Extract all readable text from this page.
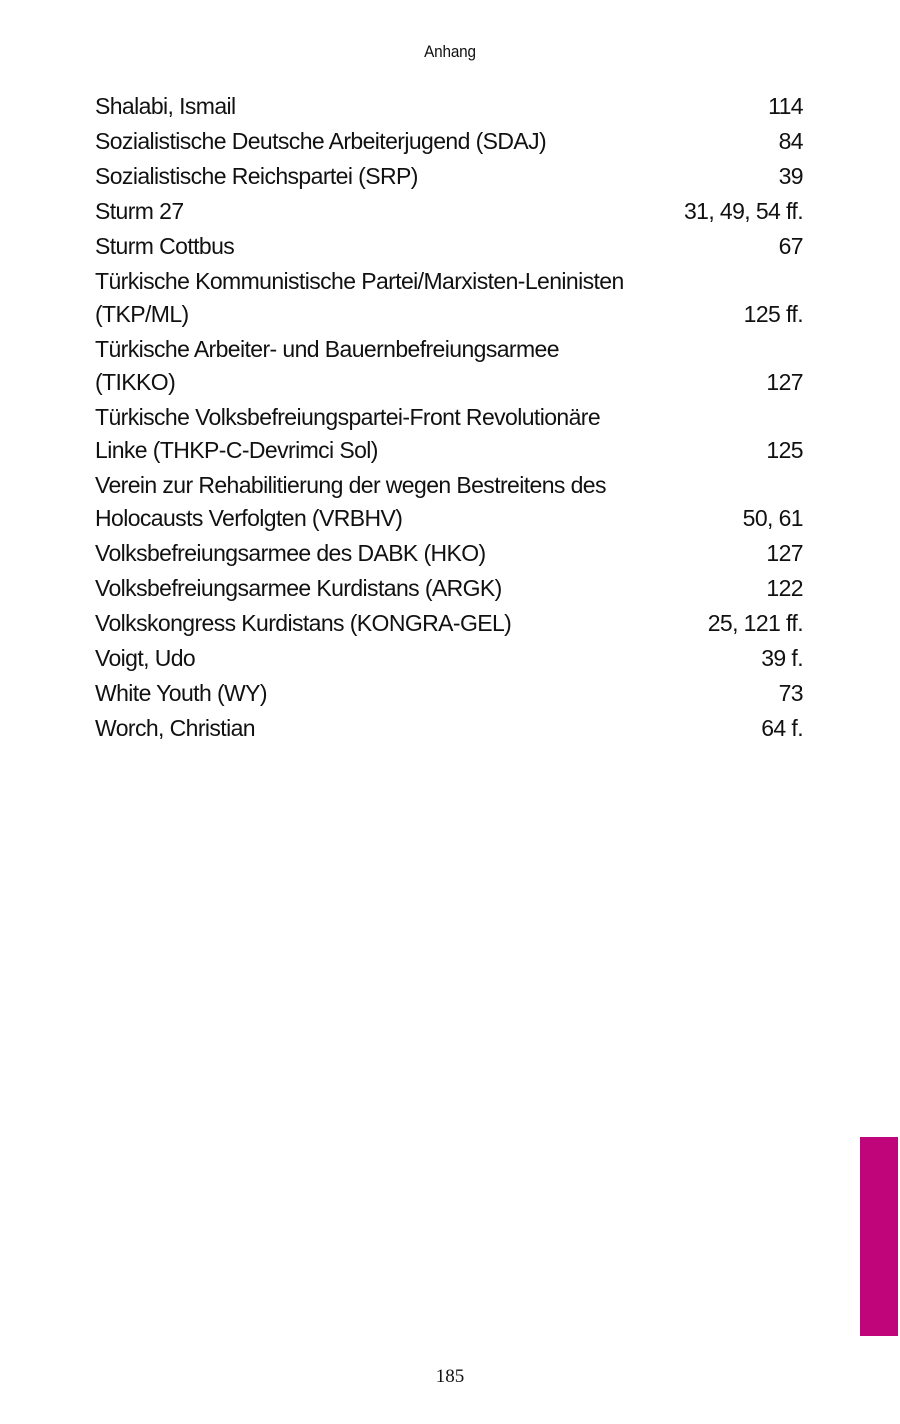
Anhang
Shalabi, Ismail	114
Sozialistische Deutsche Arbeiterjugend (SDAJ)	84
Sozialistische Reichspartei (SRP)	39
Sturm 27	31, 49, 54 ff.
Sturm Cottbus	67
Türkische Kommunistische Partei/Marxisten-Leninisten (TKP/ML)	125 ff.
Türkische Arbeiter- und Bauernbefreiungsarmee (TIKKO)	127
Türkische Volksbefreiungspartei-Front Revolutionäre Linke (THKP-C-Devrimci Sol)	125
Verein zur Rehabilitierung der wegen Bestreitens des Holocausts Verfolgten (VRBHV)	50, 61
Volksbefreiungsarmee des DABK (HKO)	127
Volksbefreiungsarmee Kurdistans (ARGK)	122
Volkskongress Kurdistans (KONGRA-GEL)	25, 121 ff.
Voigt, Udo	39 f.
White Youth (WY)	73
Worch, Christian	64 f.
185
